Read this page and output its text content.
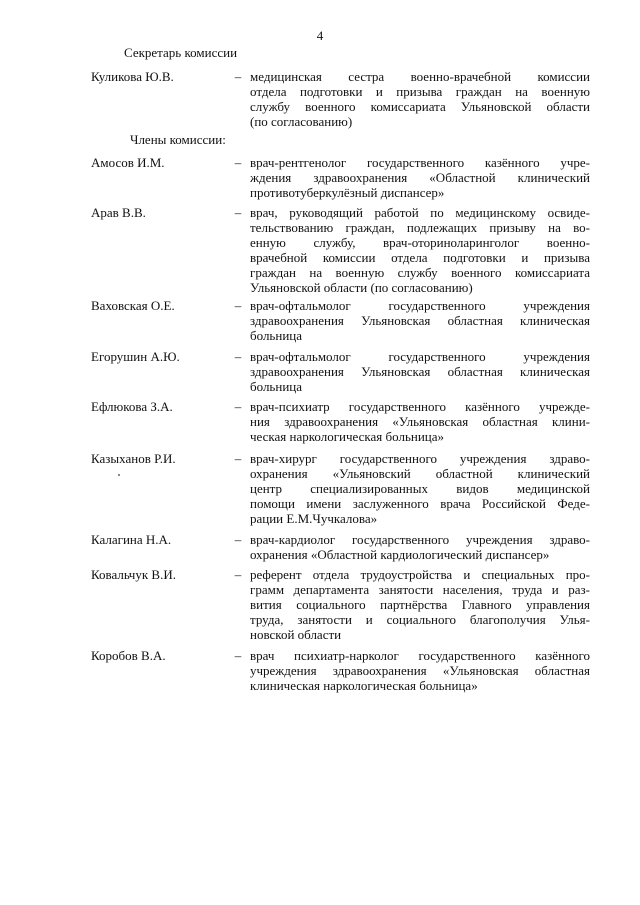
4
Секретарь комиссии
Куликова Ю.В.	– медицинская сестра военно-врачебной комиссии
отдела подготовки и призыва граждан на военную
службу военного комиссариата Ульяновской области
(по согласованию)
Амосов И.М.	– врач-рентгенолог государственного казённого учре-
ждения здравоохранения «Областной клинический
противотуберкулёзный диспансер»
Арав В.В.	– врач, руководящий работой по медицинскому освиде-
тельствованию граждан, подлежащих призыву на во-
енную службу, врач-оториноларинголог военно-
врачебной комиссии отдела подготовки и призыва
граждан на военную службу военного комиссариата
Ульяновской области (по согласованию)
Ваховская О.Е.	– врач-офтальмолог государственного учреждения
здравоохранения Ульяновская областная клиническая
больница
Егорушин А.Ю.	– врач-офтальмолог государственного учреждения
здравоохранения Ульяновская областная клиническая
больница
Ефлюкова З.А.	– врач-психиатр государственного казённого учрежде-
ния здравоохранения «Ульяновская областная клини-
ческая наркологическая больница»
Казыханов Р.И.	– врач-хирург государственного учреждения здраво-
охранения «Ульяновский областной клинический
центр специализированных видов медицинской
помощи имени заслуженного врача Российской Феде-
рации Е.М.Чучкалова»
Калагина Н.А.	– врач-кардиолог государственного учреждения здраво-
охранения «Областной кардиологический диспансер»
Ковальчук В.И.	– референт отдела трудоустройства и специальных про-
грамм департамента занятости населения, труда и раз-
вития социального партнёрства Главного управления
труда, занятости и социального благополучия Улья-
новской области
Коробов В.А.	– врач психиатр-нарколог государственного казённого
учреждения здравоохранения «Ульяновская областная
клиническая наркологическая больница»
Члены комиссии:
